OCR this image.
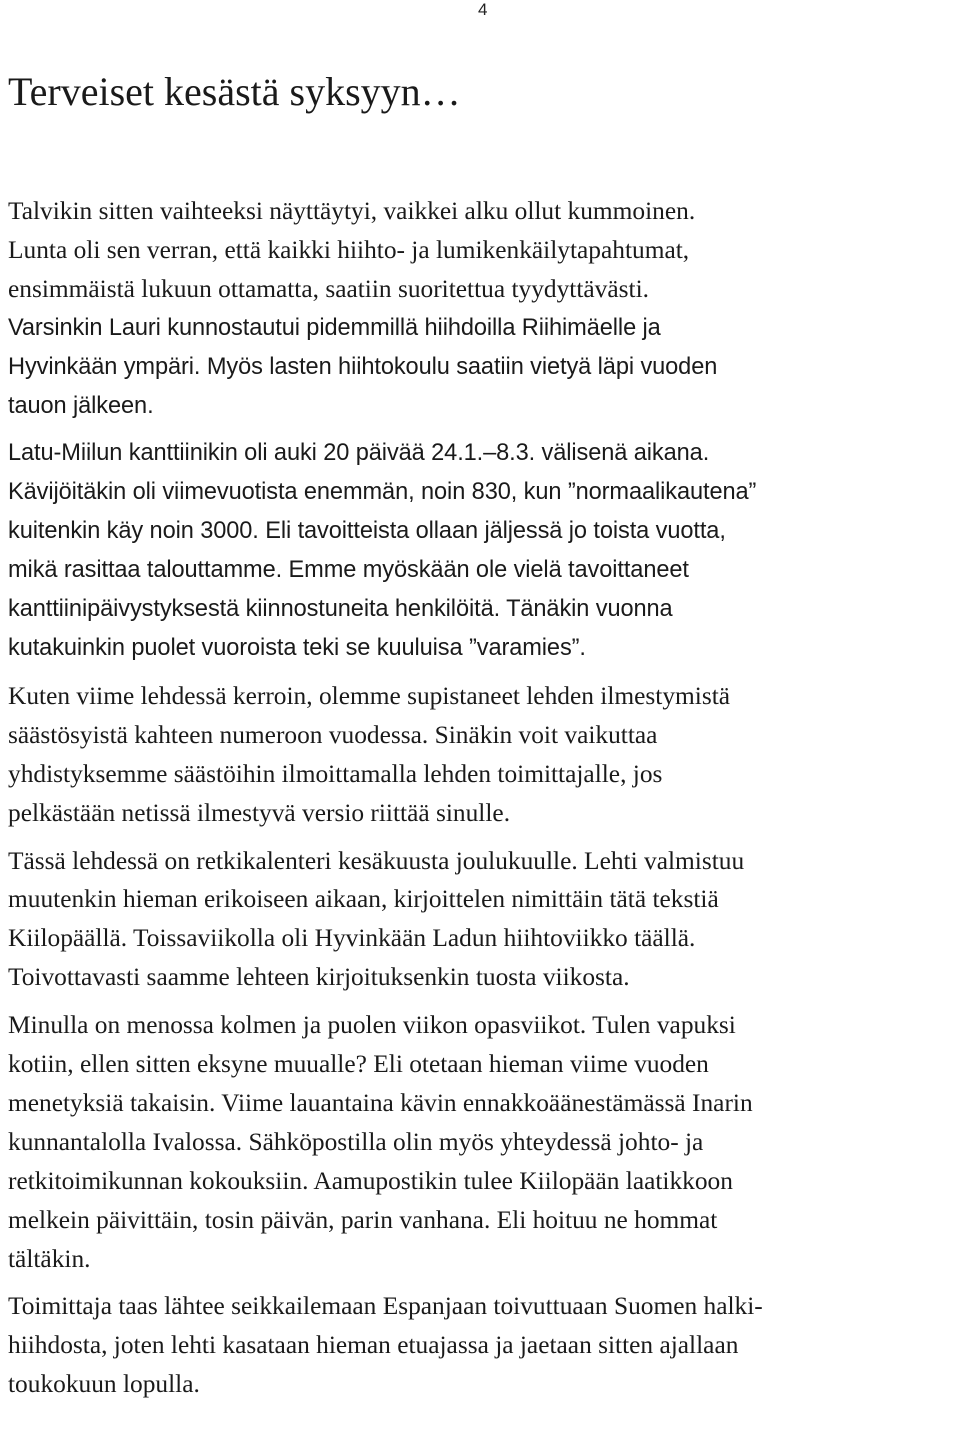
4
Terveiset kesästä syksyyn…

Talvikin sitten vaihteeksi näyttäytyi, vaikkei alku ollut kummoinen.
Lunta oli sen verran, että kaikki hiihto- ja lumikenkäilytapahtumat,
ensimmäistä lukuun ottamatta, saatiin suoritettua tyydyttävästi.
Varsinkin Lauri kunnostautui pidemmillä hiihdoilla Riihimäelle ja
Hyvinkään ympäri. Myös lasten hiihtokoulu saatiin vietyä läpi vuoden
tauon jälkeen.

Latu-Miilun kanttiinikin oli auki 20 päivää 24.1.–8.3. välisenä aikana.
Kävijöitäkin oli viimevuotista enemmän, noin 830, kun ”normaalikautena”
kuitenkin käy noin 3000. Eli tavoitteista ollaan jäljessä jo toista vuotta,
mikä rasittaa talouttamme. Emme myöskään ole vielä tavoittaneet
kanttiinipäivystyksestä kiinnostuneita henkilöitä. Tänäkin vuonna
kutakuinkin puolet vuoroista teki se kuuluisa ”varamies”.

Kuten viime lehdessä kerroin, olemme supistaneet lehden ilmestymistä
säästösyistä kahteen numeroon vuodessa. Sinäkin voit vaikuttaa
yhdistyksemme säästöihin ilmoittamalla lehden toimittajalle, jos
pelkästään netissä ilmestyvä versio riittää sinulle.

Tässä lehdessä on retkikalenteri kesäkuusta joulukuulle. Lehti valmistuu
muutenkin hieman erikoiseen aikaan, kirjoittelen nimittäin tätä tekstiä
Kiilopäällä. Toissaviikolla oli Hyvinkään Ladun hiihtoviikko täällä.
Toivottavasti saamme lehteen kirjoituksenkin tuosta viikosta.

Minulla on menossa kolmen ja puolen viikon opasviikot. Tulen vapuksi
kotiin, ellen sitten eksyne muualle? Eli otetaan hieman viime vuoden
menetyksiä takaisin. Viime lauantaina kävin ennakkoäänestämässä Inarin
kunnantalolla Ivalossa. Sähköpostilla olin myös yhteydessä johto- ja
retkitoimikunnan kokouksiin. Aamupostikin tulee Kiilopään laatikkoon
melkein päivittäin, tosin päivän, parin vanhana. Eli hoituu ne hommat
tältäkin.

Toimittaja taas lähtee seikkailemaan Espanjaan toivuttuaan Suomen halki-
hiihdosta, joten lehti kasataan hieman etuajassa ja jaetaan sitten ajallaan
toukokuun lopulla.
